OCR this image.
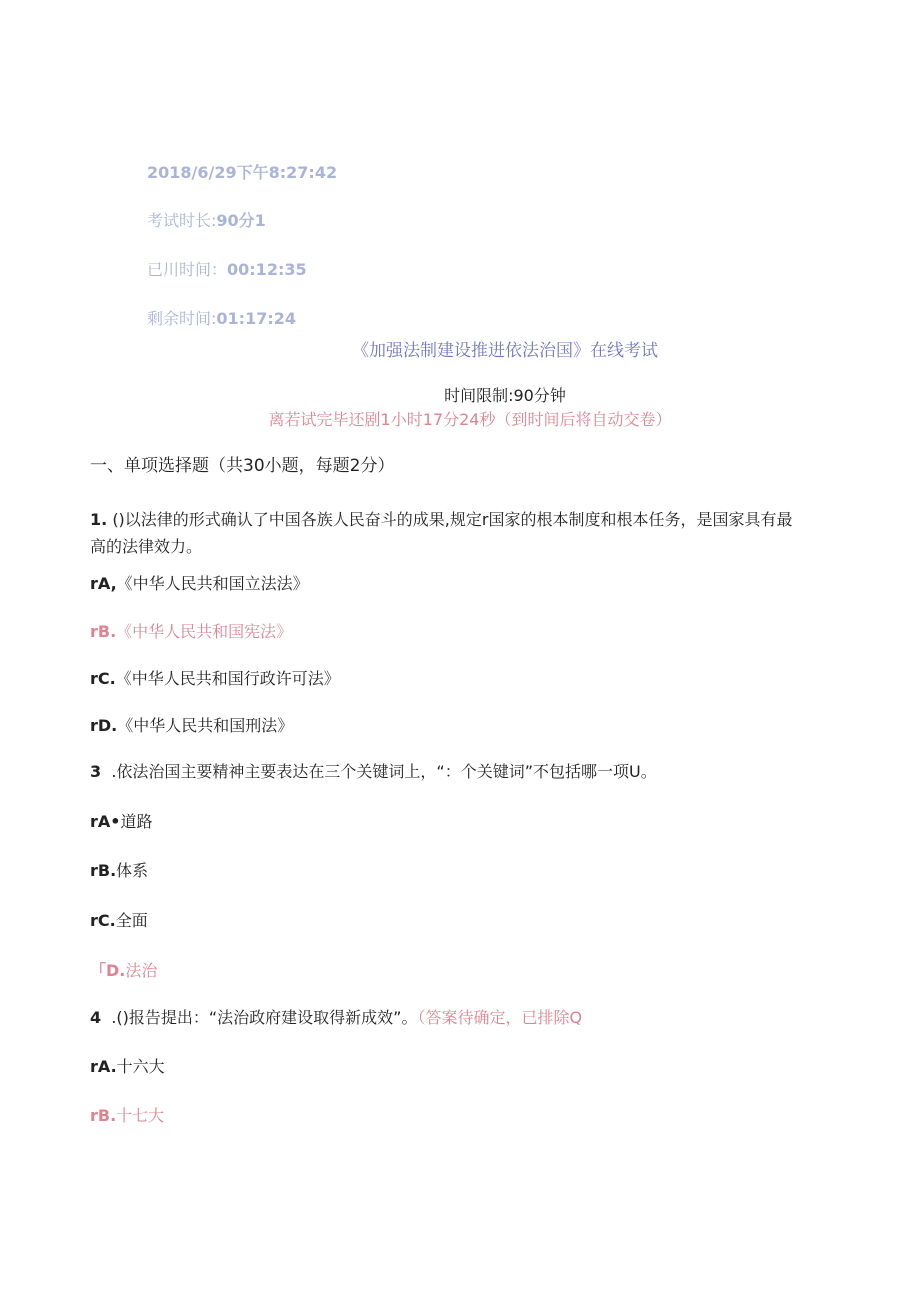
2018/6/29下午8:27:42
考试时长:90分1
已川时间：00:12:35
剩余时间:01:17:24
《加强法制建设推进依法治国》在线考试
时间限制:90分钟
离若试完毕还剧1小时17分24秒（到时间后将自动交卷）
一、单项选择题（共30小题，每题2分）
1. ()以法律的形式确认了中国各族人民奋斗的成果,规定r国家的根本制度和根本任务，是国家具有最
高的法律效力。
rA,《中华人民共和国立法法》
rB.《中华人民共和国宪法》
rC.《中华人民共和国行政许可法》
rD.《中华人民共和国刑法》
3 .依法治国主要精神主要表达在三个关键词上，“：个关键词”不包括哪一项U。
rA•道路
rB.体系
rC.全面
「D.法治
4 .()报告提出：“法治政府建设取得新成效”。（答案待确定，已排除Q
rA.十六大
rB.十七大
